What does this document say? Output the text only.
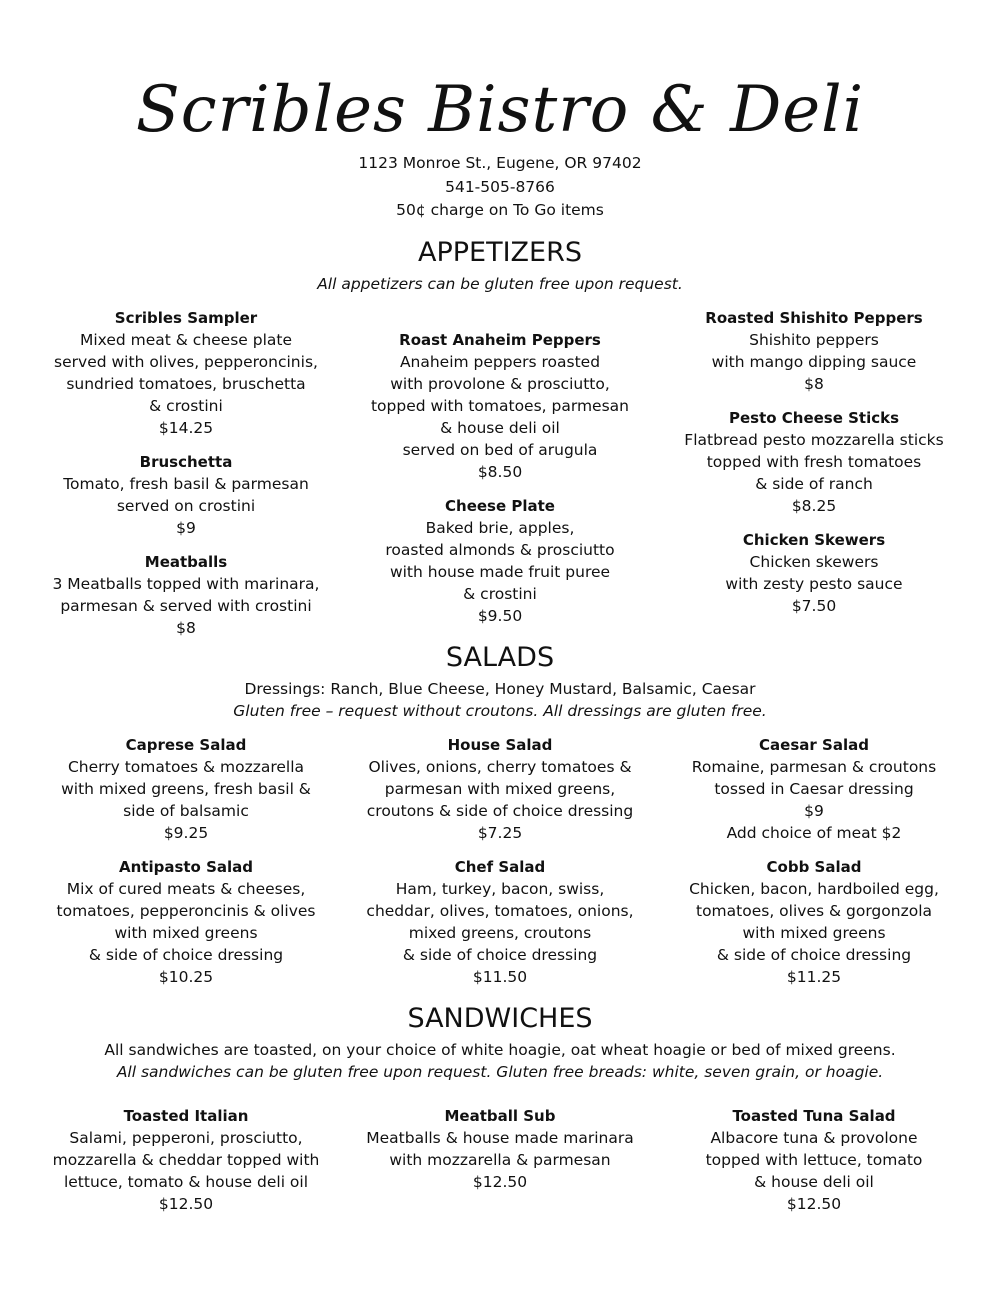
Scribles Bistro & Deli
1123 Monroe St., Eugene, OR 97402
541-505-8766
50¢ charge on To Go items
APPETIZERS
All appetizers can be gluten free upon request.
Scribles Sampler
Mixed meat & cheese plate
served with olives, pepperoncinis,
sundried tomatoes, bruschetta
& crostini
$14.25
Bruschetta
Tomato, fresh basil & parmesan
served on crostini
$9
Meatballs
3 Meatballs topped with marinara,
parmesan & served with crostini
$8
Roast Anaheim Peppers
Anaheim peppers roasted
with provolone & prosciutto,
topped with tomatoes, parmesan
& house deli oil
served on bed of arugula
$8.50
Cheese Plate
Baked brie, apples,
roasted almonds & prosciutto
with house made fruit puree
& crostini
$9.50
Roasted Shishito Peppers
Shishito peppers
with mango dipping sauce
$8
Pesto Cheese Sticks
Flatbread pesto mozzarella sticks
topped with fresh tomatoes
& side of ranch
$8.25
Chicken Skewers
Chicken skewers
with zesty pesto sauce
$7.50
SALADS
Dressings: Ranch, Blue Cheese, Honey Mustard, Balsamic, Caesar
Gluten free – request without croutons. All dressings are gluten free.
Caprese Salad
Cherry tomatoes & mozzarella
with mixed greens, fresh basil &
side of balsamic
$9.25
Antipasto Salad
Mix of cured meats & cheeses,
tomatoes, pepperoncinis & olives
with mixed greens
& side of choice dressing
$10.25
House Salad
Olives, onions, cherry tomatoes &
parmesan with mixed greens,
croutons & side of choice dressing
$7.25
Chef Salad
Ham, turkey, bacon, swiss,
cheddar, olives, tomatoes, onions,
mixed greens, croutons
& side of choice dressing
$11.50
Caesar Salad
Romaine, parmesan & croutons
tossed in Caesar dressing
$9
Add choice of meat $2
Cobb Salad
Chicken, bacon, hardboiled egg,
tomatoes, olives & gorgonzola
with mixed greens
& side of choice dressing
$11.25
SANDWICHES
All sandwiches are toasted, on your choice of white hoagie, oat wheat hoagie or bed of mixed greens.
All sandwiches can be gluten free upon request. Gluten free breads: white, seven grain, or hoagie.
Toasted Italian
Salami, pepperoni, prosciutto,
mozzarella & cheddar topped with
lettuce, tomato & house deli oil
$12.50
Meatball Sub
Meatballs & house made marinara
with mozzarella & parmesan
$12.50
Toasted Tuna Salad
Albacore tuna & provolone
topped with lettuce, tomato
& house deli oil
$12.50
